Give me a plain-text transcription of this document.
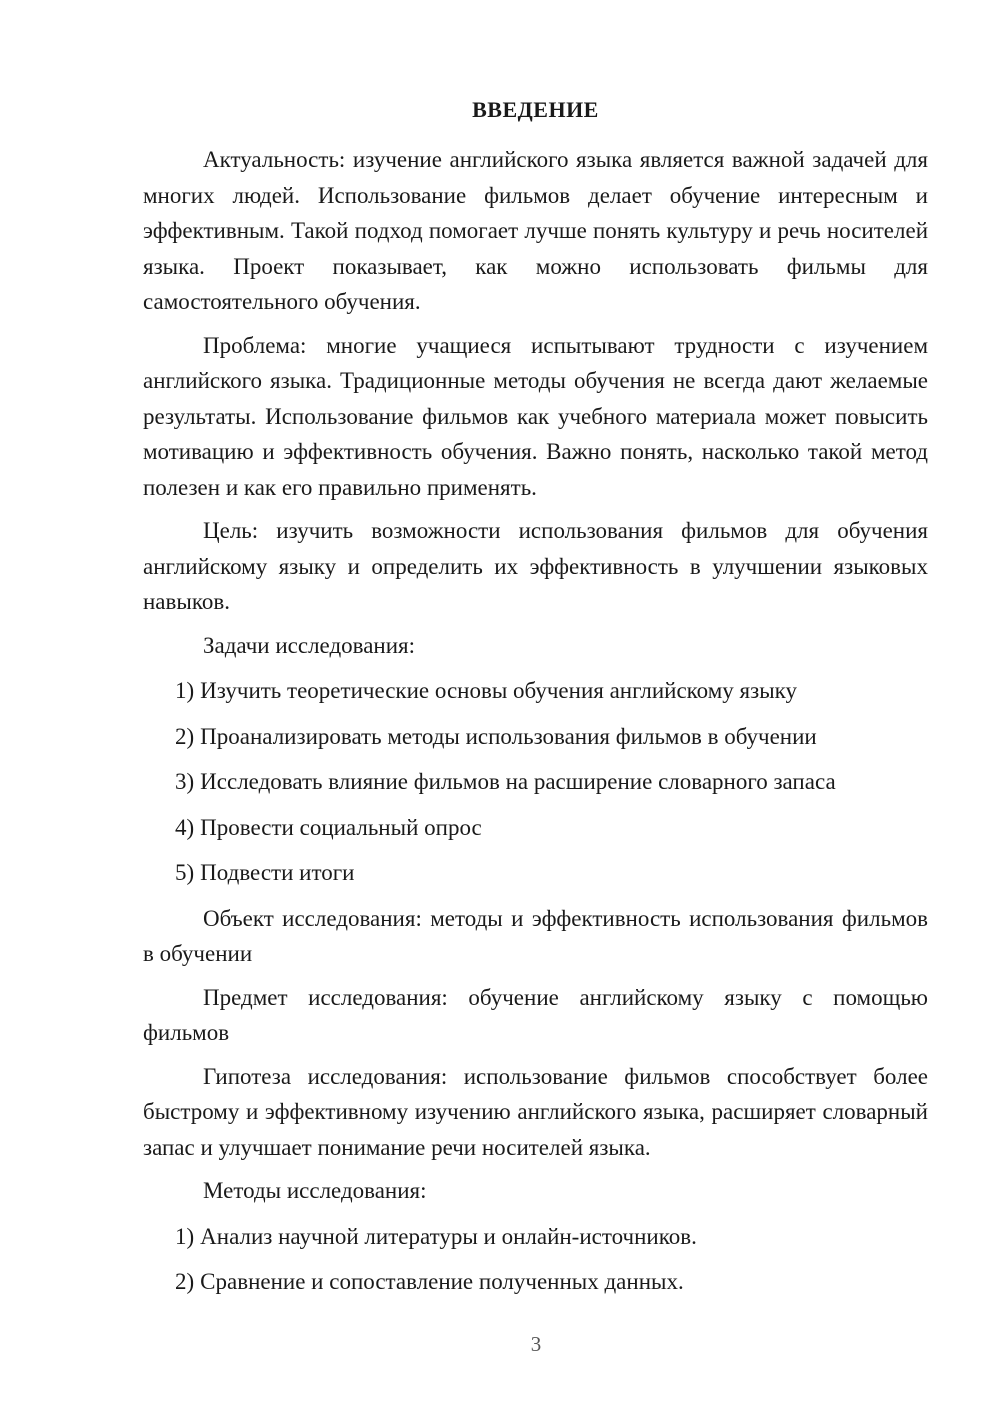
ВВЕДЕНИЕ

Актуальность: изучение английского языка является важной задачей для многих людей. Использование фильмов делает обучение интересным и эффективным. Такой подход помогает лучше понять культуру и речь носителей языка. Проект показывает, как можно использовать фильмы для самостоятельного обучения.

Проблема: многие учащиеся испытывают трудности с изучением английского языка. Традиционные методы обучения не всегда дают желаемые результаты. Использование фильмов как учебного материала может повысить мотивацию и эффективность обучения. Важно понять, насколько такой метод полезен и как его правильно применять.

Цель: изучить возможности использования фильмов для обучения английскому языку и определить их эффективность в улучшении языковых навыков.

Задачи исследования:

1) Изучить теоретические основы обучения английскому языку
2) Проанализировать методы использования фильмов в обучении
3) Исследовать влияние фильмов на расширение словарного запаса
4) Провести социальный опрос
5) Подвести итоги

Объект исследования: методы и эффективность использования фильмов в обучении

Предмет исследования: обучение английскому языку с помощью фильмов

Гипотеза исследования: использование фильмов способствует более быстрому и эффективному изучению английского языка, расширяет словарный запас и улучшает понимание речи носителей языка.

Методы исследования:

1) Анализ научной литературы и онлайн-источников.
2) Сравнение и сопоставление полученных данных.
3
